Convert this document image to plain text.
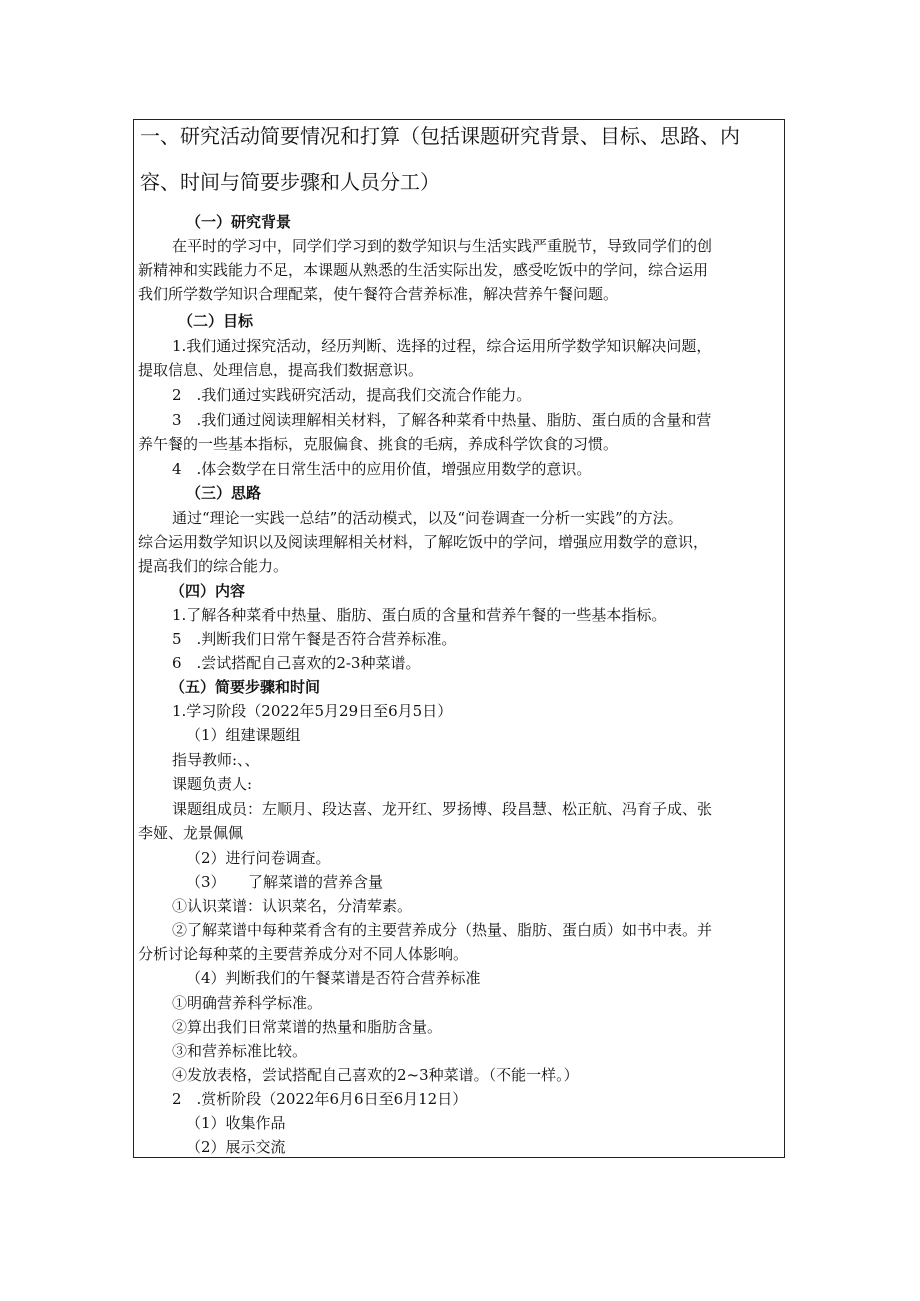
一、研究活动简要情况和打算（包括课题研究背景、目标、思路、内
容、时间与简要步骤和人员分工）
（一）研究背景
在平时的学习中，同学们学习到的数学知识与生活实践严重脱节，导致同学们的创
新精神和实践能力不足，本课题从熟悉的生活实际出发，感受吃饭中的学问，综合运用
我们所学数学知识合理配菜，使午餐符合营养标准，解决营养午餐问题。
（二）目标
1.我们通过探究活动，经历判断、选择的过程，综合运用所学数学知识解决问题，
提取信息、处理信息，提高我们数据意识。
2　.我们通过实践研究活动，提高我们交流合作能力。
3　.我们通过阅读理解相关材料，了解各种菜肴中热量、脂肪、蛋白质的含量和营
养午餐的一些基本指标，克服偏食、挑食的毛病，养成科学饮食的习惯。
4　.体会数学在日常生活中的应用价值，增强应用数学的意识。
（三）思路
通过“理论一实践一总结”的活动模式，以及“问卷调查一分析一实践”的方法。
综合运用数学知识以及阅读理解相关材料，了解吃饭中的学问，增强应用数学的意识，
提高我们的综合能力。
（四）内容
1.了解各种菜肴中热量、脂肪、蛋白质的含量和营养午餐的一些基本指标。
5　.判断我们日常午餐是否符合营养标准。
6　.尝试搭配自己喜欢的2-3种菜谱。
（五）简要步骤和时间
1.学习阶段（2022年5月29日至6月5日）
（1）组建课题组
指导教师:、、
课题负责人:
课题组成员：左顺月、段达喜、龙开红、罗扬博、段昌慧、松正航、冯育子成、张
李娅、龙景佩佩
（2）进行问卷调查。
（3）　　了解菜谱的营养含量
①认识菜谱：认识菜名，分清荤素。
②了解菜谱中每种菜肴含有的主要营养成分（热量、脂肪、蛋白质）如书中表。并
分析讨论每种菜的主要营养成分对不同人体影响。
（4）判断我们的午餐菜谱是否符合营养标准
①明确营养科学标准。
②算出我们日常菜谱的热量和脂肪含量。
③和营养标准比较。
④发放表格，尝试搭配自己喜欢的2~3种菜谱。（不能一样。）
2　.赏析阶段（2022年6月6日至6月12日）
（1）收集作品
（2）展示交流
